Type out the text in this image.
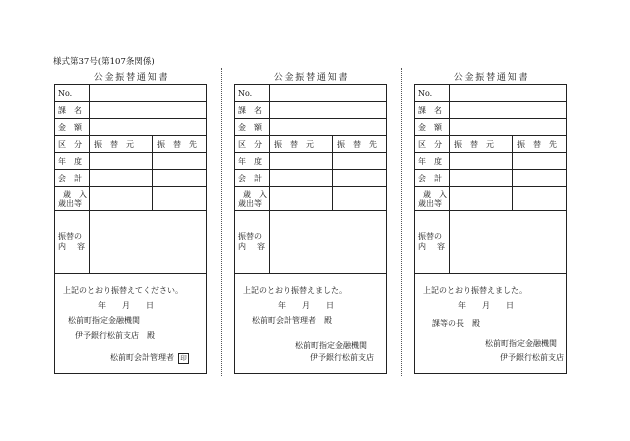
様式第37号(第107条関係)
公金振替通知書
No.
課　名
金　額
区　分	振　替　元	振　替　先
年　度
会　計
歳　入
歳出等
振替の
内 容
上記のとおり振替えてください。
年　　月　　日
松前町指定金融機関
伊予銀行松前支店　殿
松前町会計管理者 印
公金振替通知書
No.
課　名
金　額
区　分	振　替　元	振　替　先
年　度
会　計
歳　入
歳出等
振替の
内 容
上記のとおり振替えました。
年　　月　　日
松前町会計管理者　殿
松前町指定金融機関
伊予銀行松前支店
公金振替通知書
No.
課　名
金　額
区　分	振　替　元	振　替　先
年　度
会　計
歳　入
歳出等
振替の
内 容
上記のとおり振替えました。
年　　月　　日
課等の長　殿
松前町指定金融機関
伊予銀行松前支店
